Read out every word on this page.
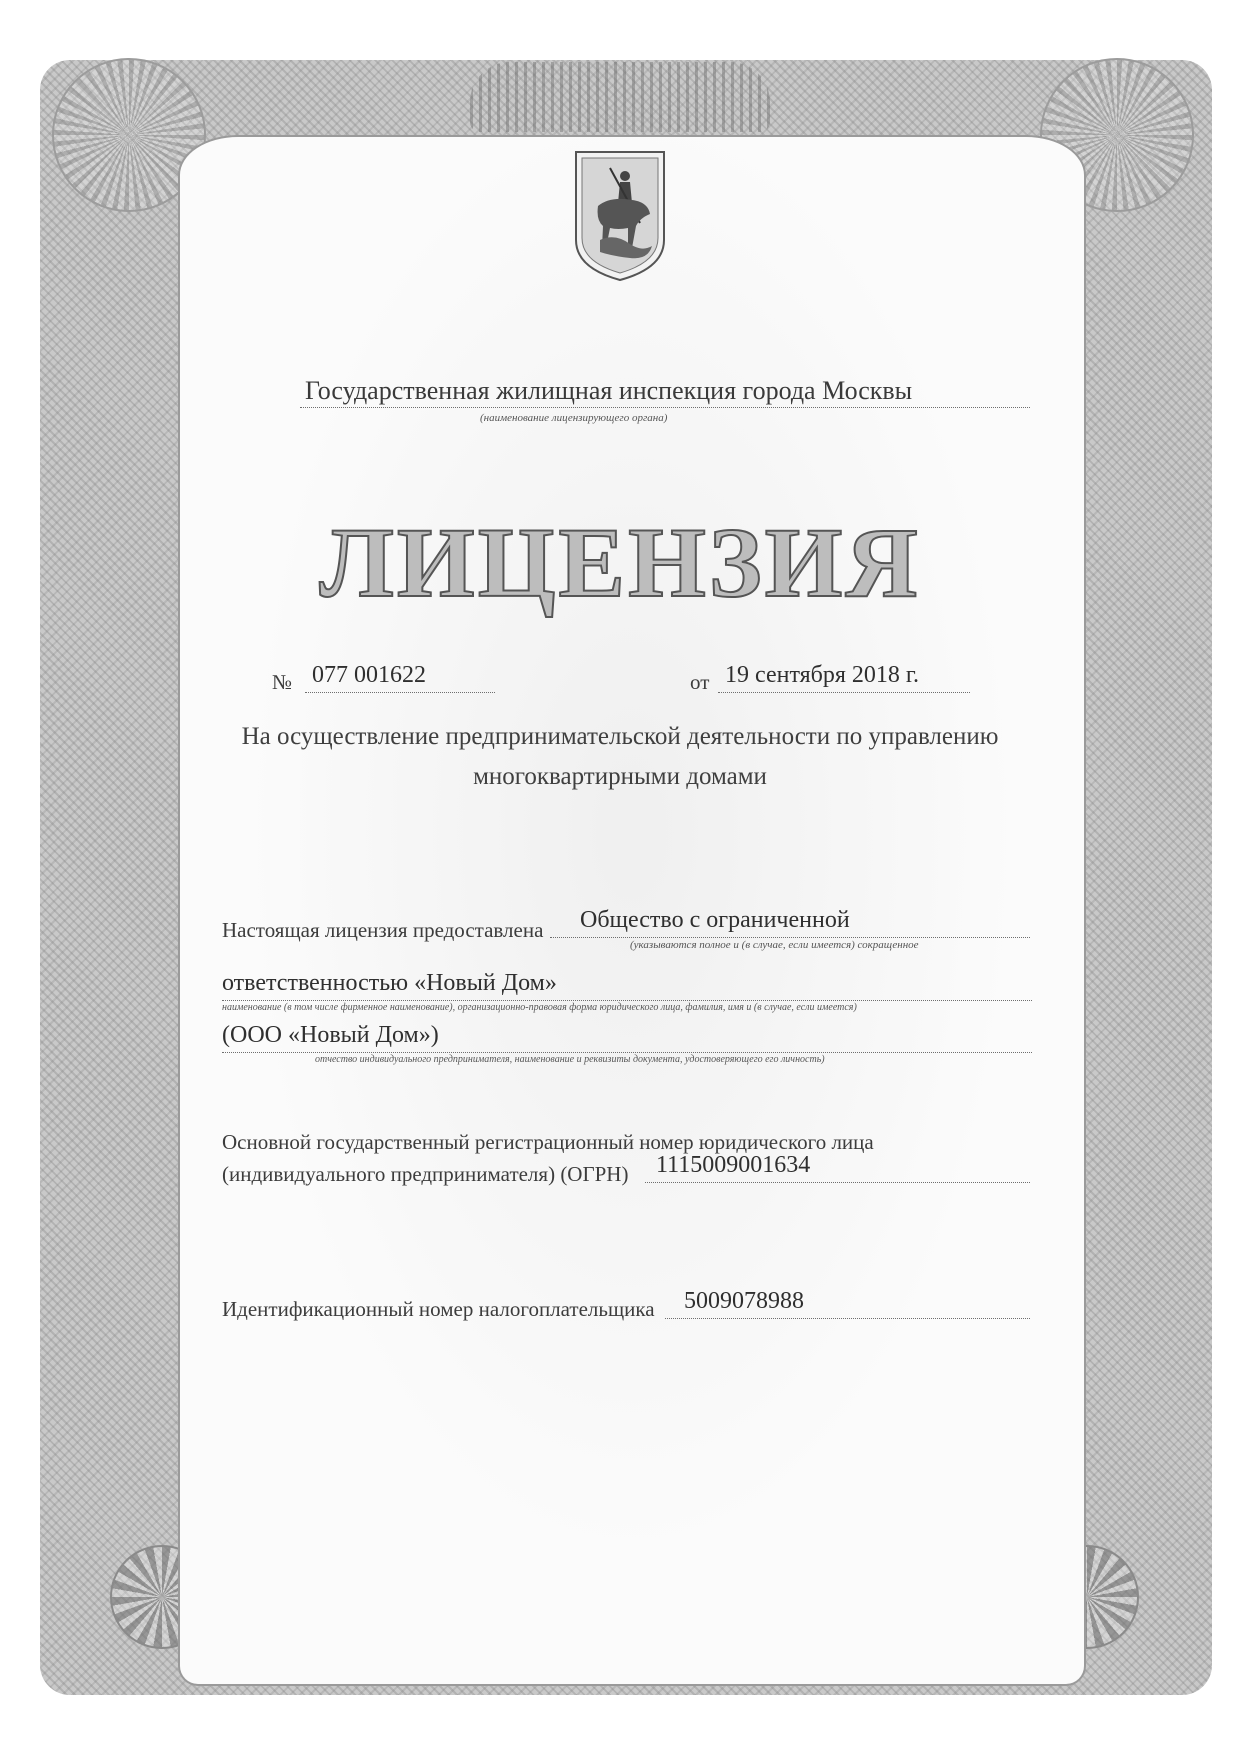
Государственная жилищная инспекция города Москвы
(наименование лицензирующего органа)
ЛИЦЕНЗИЯ
№ 077 001622	от 19 сентября 2018 г.
На осуществление предпринимательской деятельности по управлению
многоквартирными домами
Настоящая лицензия предоставлена Общество с ограниченной
(указываются полное и (в случае, если имеется) сокращенное
ответственностью «Новый Дом»
наименование (в том числе фирменное наименование), организационно-правовая форма юридического лица, фамилия, имя и (в случае, если имеется)
(ООО «Новый Дом»)
отчество индивидуального предпринимателя, наименование и реквизиты документа, удостоверяющего его личность)
Основной государственный регистрационный номер юридического лица
(индивидуального предпринимателя) (ОГРН) 1115009001634
Идентификационный номер налогоплательщика 5009078988
